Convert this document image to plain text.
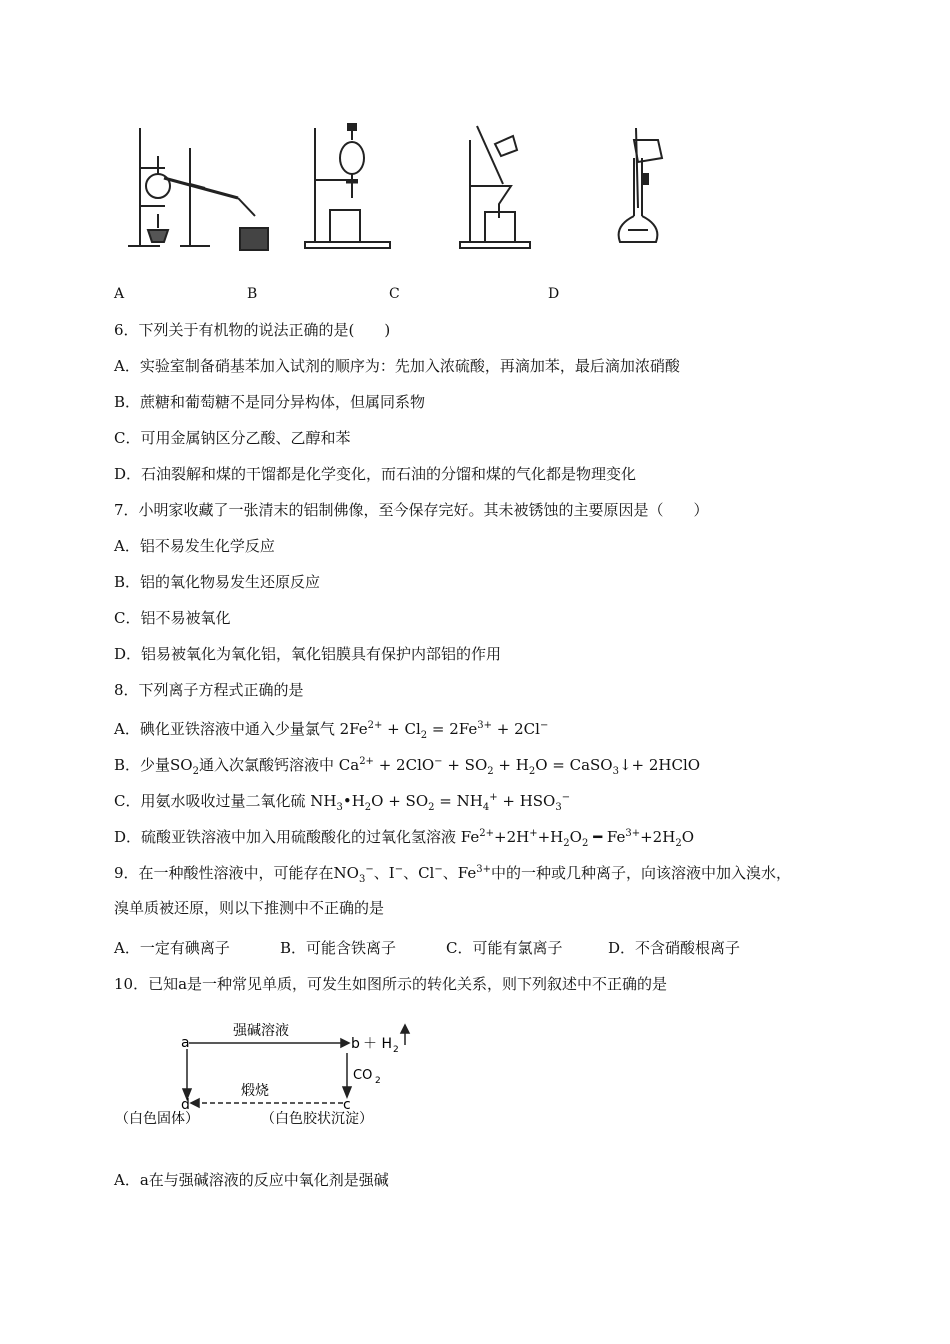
A	B	C	D
6．下列关于有机物的说法正确的是(　　)
A．实验室制备硝基苯加入试剂的顺序为：先加入浓硫酸，再滴加苯，最后滴加浓硝酸
B．蔗糖和葡萄糖不是同分异构体，但属同系物
C．可用金属钠区分乙酸、乙醇和苯
D．石油裂解和煤的干馏都是化学变化，而石油的分馏和煤的气化都是物理变化
7．小明家收藏了一张清末的铝制佛像，至今保存完好。其未被锈蚀的主要原因是（　　）
A．铝不易发生化学反应
B．铝的氧化物易发生还原反应
C．铝不易被氧化
D．铝易被氧化为氧化铝，氧化铝膜具有保护内部铝的作用
8．下列离子方程式正确的是
A．碘化亚铁溶液中通入少量氯气 $2Fe^{2+} + Cl_2 = 2Fe^{3+} + 2Cl^-$
B．少量$SO_2$通入次氯酸钙溶液中 $Ca^{2+} + 2ClO^- + SO_2 + H_2O$ = CaSO$_3$↓+ 2HClO
C．用氨水吸收过量二氧化硫 $NH_3•H_2O + SO_2 = NH_4^+ + HSO_3^-$
D．硫酸亚铁溶液中加入用硫酸酸化的过氧化氢溶液 $Fe^{2+}+2H^++H_2O_2$ ━ $Fe^{3+}+2H_2O$
9．在一种酸性溶液中，可能存在$NO_3^-$、I−、Cl−、$Fe^{3+}$中的一种或几种离子，向该溶液中加入溴水，
溴单质被还原，则以下推测中不正确的是
A．一定有碘离子	B．可能含铁离子	C．可能有氯离子	D．不含硝酸根离子
10．已知a是一种常见单质，可发生如图所示的转化关系，则下列叙述中不正确的是
强碱溶液
煅烧
a	b ＋ H 2
CO 2
c
d
（白色固体）	（白色胶状沉淀）
A．a在与强碱溶液的反应中氧化剂是强碱
